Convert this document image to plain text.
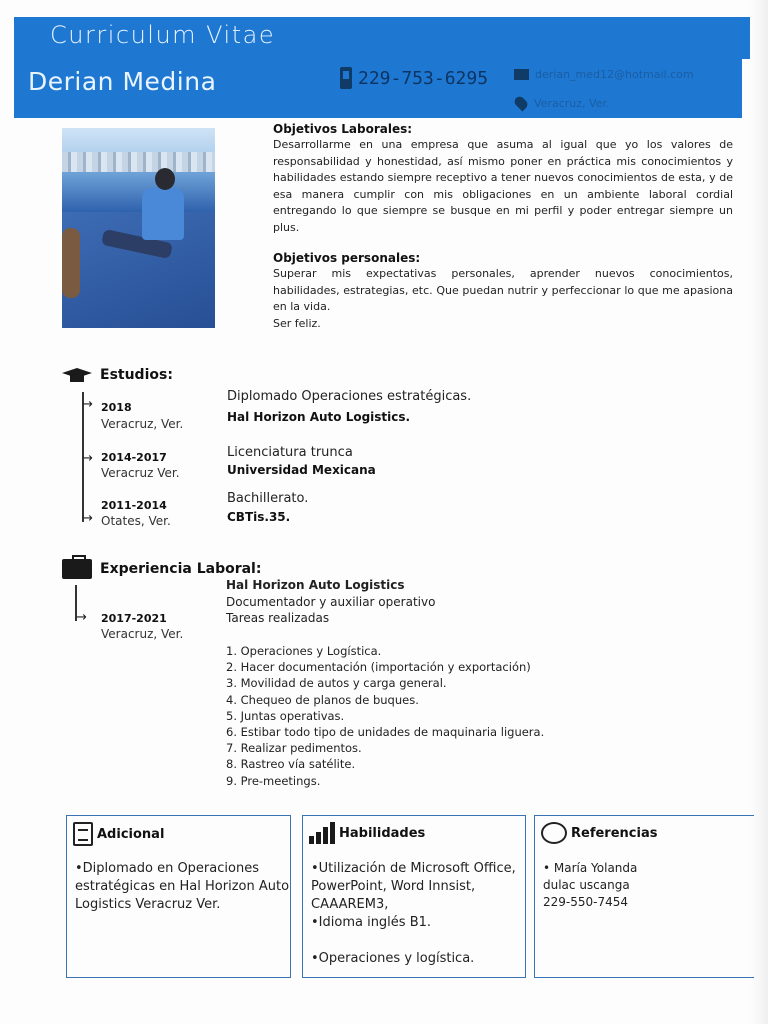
Curriculum Vitae
Derian Medina	229-753-6295	derian_med12@hotmail.com
Veracruz, Ver.
Objetivos Laborales:

Desarrollarme en una empresa que asuma al igual que yo los valores de responsabilidad y honestidad, así mismo poner en práctica mis conocimientos y habilidades estando siempre receptivo a tener nuevos conocimientos de esta, y de esa manera cumplir con mis obligaciones en un ambiente laboral cordial entregando lo que siempre se busque en mi perfil y poder entregar siempre un plus.

Objetivos personales:

Superar mis expectativas personales, aprender nuevos conocimientos, habilidades, estrategias, etc. Que puedan nutrir y perfeccionar lo que me apasiona en la vida.

Ser feliz.

Estudios:
→
→
→
2018
Veracruz, Ver.
Diplomado Operaciones estratégicas.
Hal Horizon Auto Logistics.
2014-2017
Veracruz Ver.
Licenciatura trunca
Universidad Mexicana
2011-2014
Otates, Ver.
Bachillerato.
CBTis.35.
Experiencia Laboral:
→ 2017-2021
Veracruz, Ver.
Hal Horizon Auto Logistics
Documentador y auxiliar operativo
Tareas realizadas
1. Operaciones y Logística.
2. Hacer documentación (importación y exportación)
3. Movilidad de autos y carga general.
4. Chequeo de planos de buques.
5. Juntas operativas.
6. Estibar todo tipo de unidades de maquinaria liguera.
7. Realizar pedimentos.
8. Rastreo vía satélite.
9. Pre-meetings.
Adicional
•Diplomado en Operaciones estratégicas en Hal Horizon Auto Logistics Veracruz Ver.
Habilidades
•Utilización de Microsoft Office, PowerPoint, Word Innsist, CAAAREM3,
•Idioma inglés B1.
•Operaciones y logística.
Referencias
• María Yolanda
dulac uscanga
229-550-7454
